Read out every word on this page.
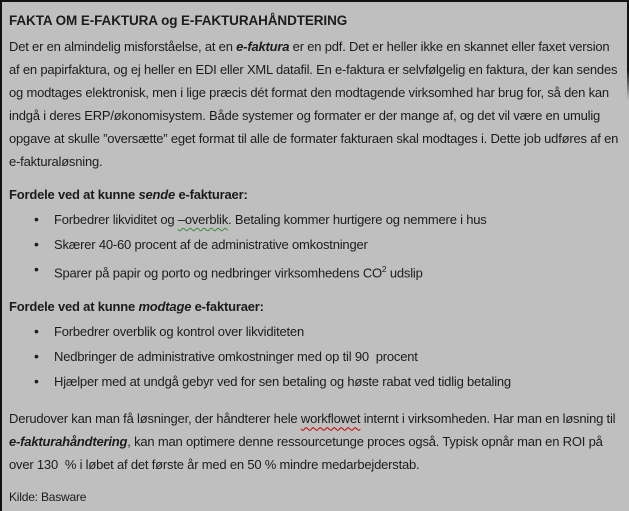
FAKTA OM E-FAKTURA og E-FAKTURAHÅNDTERING

Det er en almindelig misforståelse, at en e-faktura er en pdf. Det er heller ikke en skannet eller faxet version af en papirfaktura, og ej heller en EDI eller XML datafil. En e-faktura er selvfølgelig en faktura, der kan sendes og modtages elektronisk, men i lige præcis dét format den modtagende virksomhed har brug for, så den kan indgå i deres ERP/økonomisystem. Både systemer og formater er der mange af, og det vil være en umulig opgave at skulle ”oversætte” eget format til alle de formater fakturaen skal modtages i. Dette job udføres af en e-fakturaløsning.

Fordele ved at kunne sende e-fakturaer:
• Forbedrer likviditet og –overblik. Betaling kommer hurtigere og nemmere i hus
• Skærer 40-60 procent af de administrative omkostninger
• Sparer på papir og porto og nedbringer virksomhedens $CO^2$ udslip
Fordele ved at kunne modtage e-fakturaer:
• Forbedrer overblik og kontrol over likviditeten
• Nedbringer de administrative omkostninger med op til 90  procent
• Hjælper med at undgå gebyr ved for sen betaling og høste rabat ved tidlig betaling

Derudover kan man få løsninger, der håndterer hele workflowet internt i virksomheden. Har man en løsning til e-fakturahåndtering, kan man optimere denne ressourcetunge proces også. Typisk opnår man en ROI på over 130  % i løbet af det første år med en 50 % mindre medarbejderstab.

Kilde: Basware
